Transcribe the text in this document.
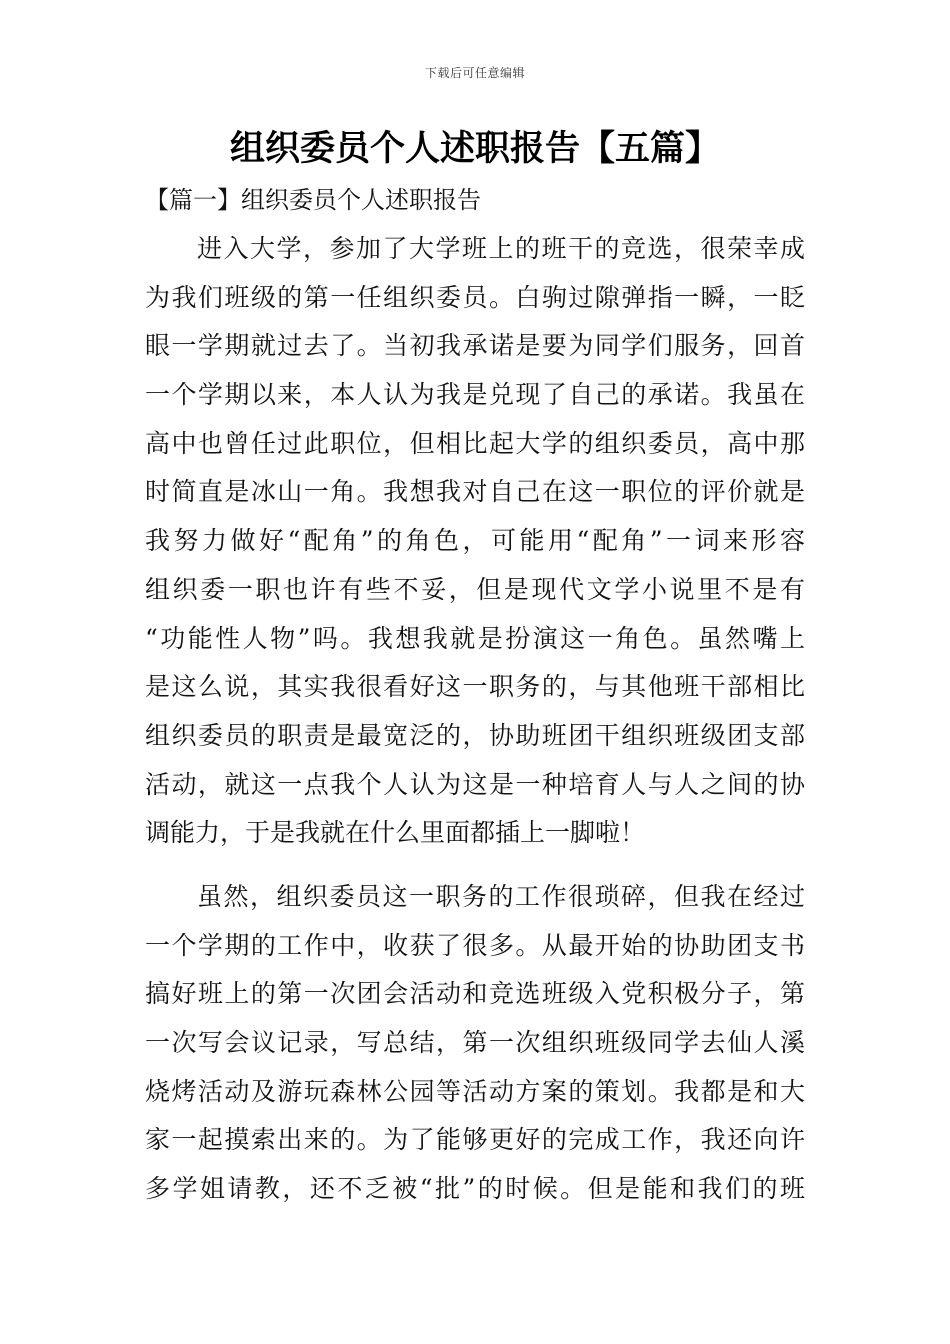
下载后可任意编辑
组织委员个人述职报告【五篇】
【篇一】组织委员个人述职报告
进入大学，参加了大学班上的班干的竞选，很荣幸成
为我们班级的第一任组织委员。白驹过隙弹指一瞬，一眨
眼一学期就过去了。当初我承诺是要为同学们服务，回首
一个学期以来，本人认为我是兑现了自己的承诺。我虽在
高中也曾任过此职位，但相比起大学的组织委员，高中那
时简直是冰山一角。我想我对自己在这一职位的评价就是
我努力做好“配角”的角色，可能用“配角”一词来形容
组织委一职也许有些不妥，但是现代文学小说里不是有
“功能性人物”吗。我想我就是扮演这一角色。虽然嘴上
是这么说，其实我很看好这一职务的，与其他班干部相比
组织委员的职责是最宽泛的，协助班团干组织班级团支部
活动，就这一点我个人认为这是一种培育人与人之间的协
调能力，于是我就在什么里面都插上一脚啦！
虽然，组织委员这一职务的工作很琐碎，但我在经过
一个学期的工作中，收获了很多。从最开始的协助团支书
搞好班上的第一次团会活动和竞选班级入党积极分子，第
一次写会议记录，写总结，第一次组织班级同学去仙人溪
烧烤活动及游玩森林公园等活动方案的策划。我都是和大
家一起摸索出来的。为了能够更好的完成工作，我还向许
多学姐请教，还不乏被“批”的时候。但是能和我们的班
